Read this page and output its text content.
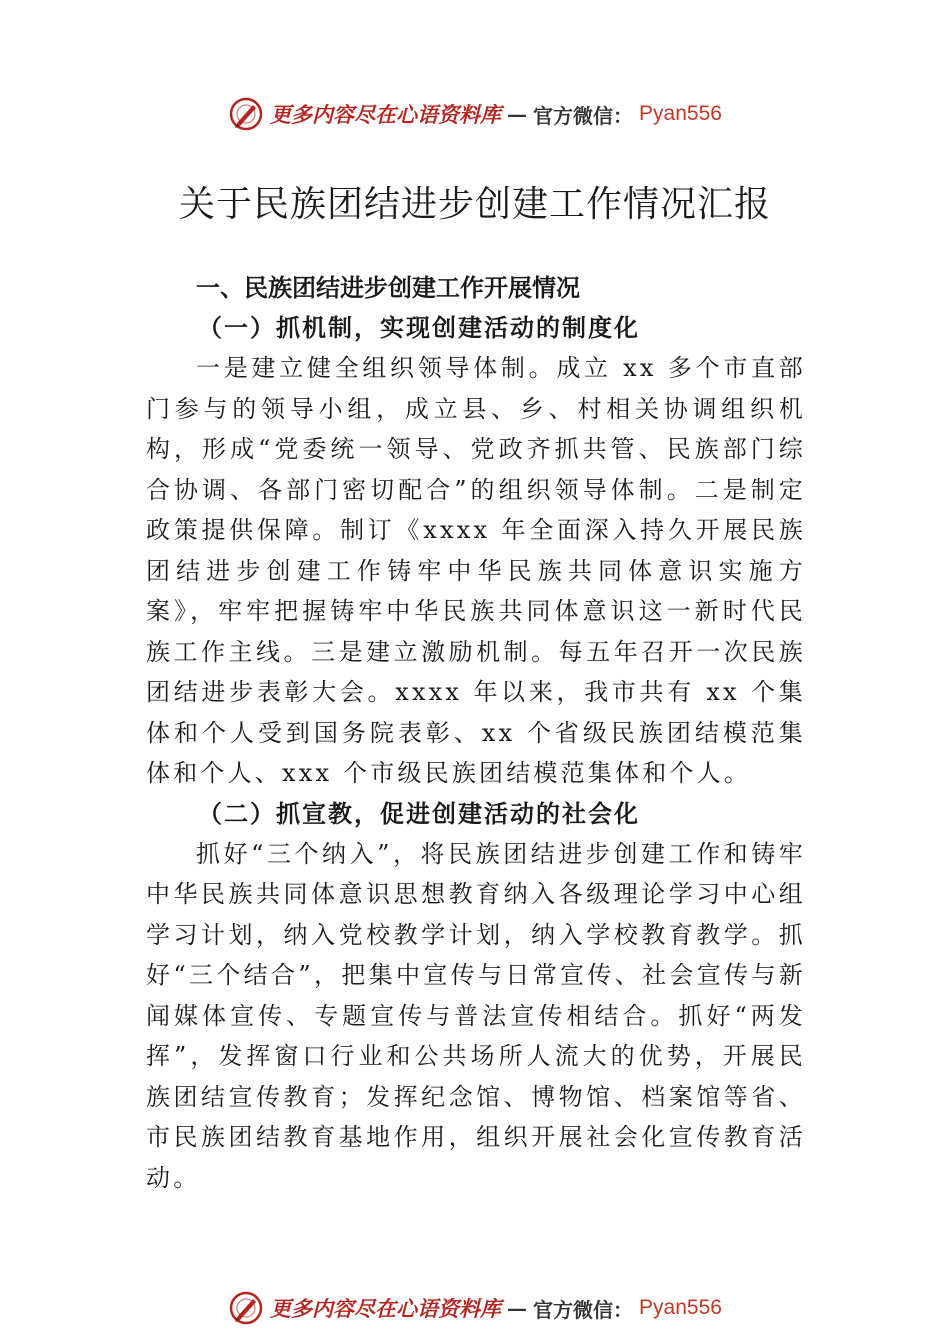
更多内容尽在心语资料库 — 官方微信： Pyan556
关于民族团结进步创建工作情况汇报
一、民族团结进步创建工作开展情况
（一）抓机制，实现创建活动的制度化

一是建立健全组织领导体制。成立 xx 多个市直部门参与的领导小组，成立县、乡、村相关协调组织机构，形成“党委统一领导、党政齐抓共管、民族部门综合协调、各部门密切配合”的组织领导体制。二是制定政策提供保障。制订《xxxx 年全面深入持久开展民族团结进步创建工作铸牢中华民族共同体意识实施方案》，牢牢把握铸牢中华民族共同体意识这一新时代民族工作主线。三是建立激励机制。每五年召开一次民族团结进步表彰大会。xxxx 年以来，我市共有 xx 个集体和个人受到国务院表彰、xx 个省级民族团结模范集体和个人、xxx 个市级民族团结模范集体和个人。

（二）抓宣教，促进创建活动的社会化

抓好“三个纳入”，将民族团结进步创建工作和铸牢中华民族共同体意识思想教育纳入各级理论学习中心组学习计划，纳入党校教学计划，纳入学校教育教学。抓好“三个结合”，把集中宣传与日常宣传、社会宣传与新闻媒体宣传、专题宣传与普法宣传相结合。抓好“两发挥”，发挥窗口行业和公共场所人流大的优势，开展民族团结宣传教育；发挥纪念馆、博物馆、档案馆等省、市民族团结教育基地作用，组织开展社会化宣传教育活动。

更多内容尽在心语资料库 — 官方微信： Pyan556
